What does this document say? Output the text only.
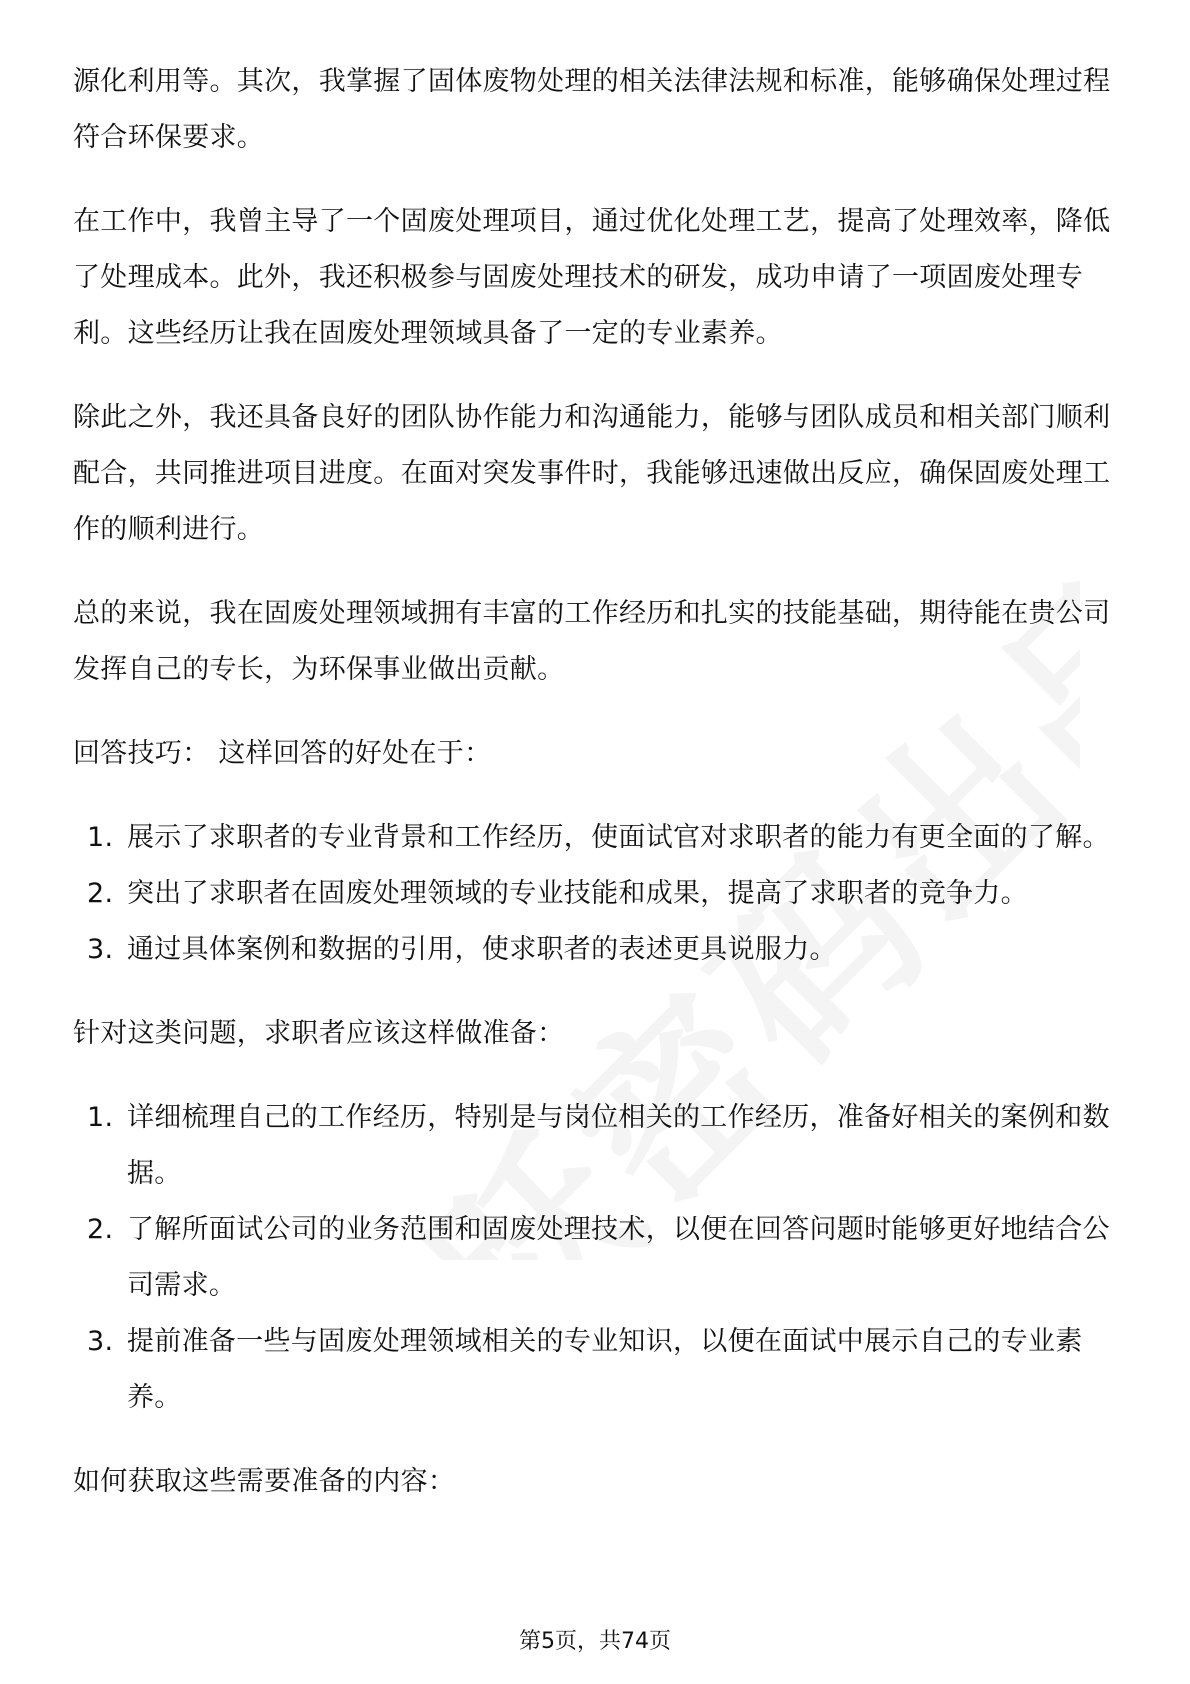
源化利用等。其次，我掌握了固体废物处理的相关法律法规和标准，能够确保处理过程符合环保要求。

在工作中，我曾主导了一个固废处理项目，通过优化处理工艺，提高了处理效率，降低了处理成本。此外，我还积极参与固废处理技术的研发，成功申请了一项固废处理专利。这些经历让我在固废处理领域具备了一定的专业素养。

除此之外，我还具备良好的团队协作能力和沟通能力，能够与团队成员和相关部门顺利配合，共同推进项目进度。在面对突发事件时，我能够迅速做出反应，确保固废处理工作的顺利进行。

总的来说，我在固废处理领域拥有丰富的工作经历和扎实的技能基础，期待能在贵公司发挥自己的专长，为环保事业做出贡献。

回答技巧： 这样回答的好处在于：

1. 展示了求职者的专业背景和工作经历，使面试官对求职者的能力有更全面的了解。
2. 突出了求职者在固废处理领域的专业技能和成果，提高了求职者的竞争力。
3. 通过具体案例和数据的引用，使求职者的表述更具说服力。

针对这类问题，求职者应该这样做准备：

1. 详细梳理自己的工作经历，特别是与岗位相关的工作经历，准备好相关的案例和数据。
2. 了解所面试公司的业务范围和固废处理技术，以便在回答问题时能够更好地结合公司需求。
3. 提前准备一些与固废处理领域相关的专业知识，以便在面试中展示自己的专业素养。

如何获取这些需要准备的内容：

第5页，共74页
